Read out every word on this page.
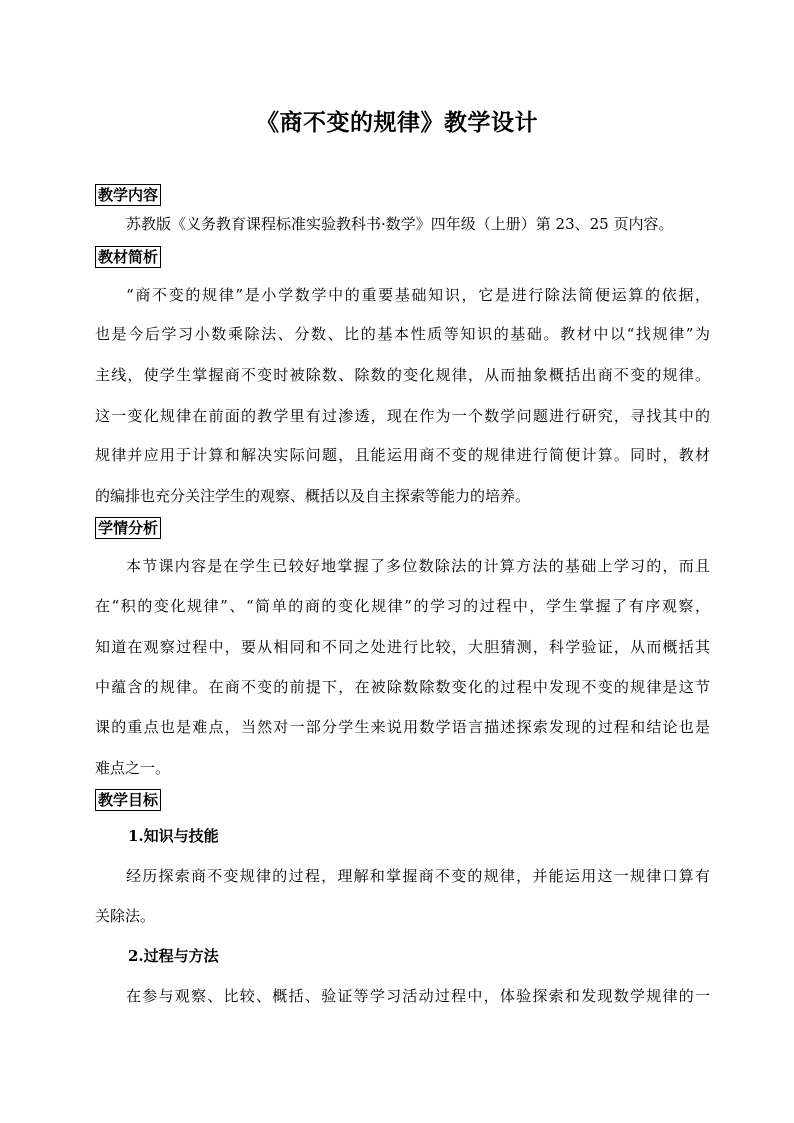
《商不变的规律》教学设计
教学内容
苏教版《义务教育课程标准实验教科书·数学》四年级（上册）第 23、25 页内容。
教材简析
“商不变的规律”是小学数学中的重要基础知识，它是进行除法简便运算的依据，
也是今后学习小数乘除法、分数、比的基本性质等知识的基础。教材中以“找规律”为
主线，使学生掌握商不变时被除数、除数的变化规律，从而抽象概括出商不变的规律。
这一变化规律在前面的教学里有过渗透，现在作为一个数学问题进行研究，寻找其中的
规律并应用于计算和解决实际问题，且能运用商不变的规律进行简便计算。同时，教材
的编排也充分关注学生的观察、概括以及自主探索等能力的培养。
学情分析
本节课内容是在学生已较好地掌握了多位数除法的计算方法的基础上学习的，而且
在“积的变化规律”、“简单的商的变化规律”的学习的过程中，学生掌握了有序观察，
知道在观察过程中，要从相同和不同之处进行比较，大胆猜测，科学验证，从而概括其
中蕴含的规律。在商不变的前提下，在被除数除数变化的过程中发现不变的规律是这节
课的重点也是难点，当然对一部分学生来说用数学语言描述探索发现的过程和结论也是
难点之一。
教学目标
1.知识与技能
经历探索商不变规律的过程，理解和掌握商不变的规律，并能运用这一规律口算有
关除法。
2.过程与方法
在参与观察、比较、概括、验证等学习活动过程中，体验探索和发现数学规律的一
